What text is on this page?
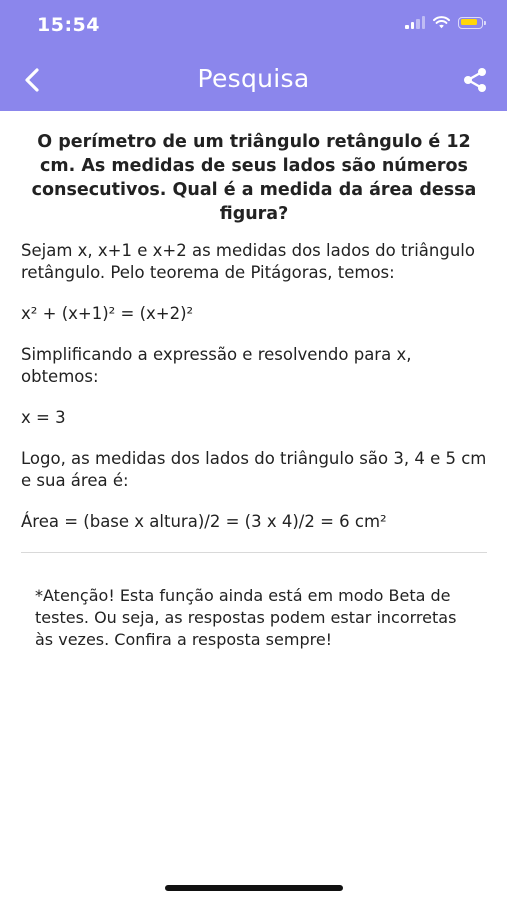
15:54
Pesquisa
O perímetro de um triângulo retângulo é 12 cm. As medidas de seus lados são números consecutivos. Qual é a medida da área dessa figura?

Sejam x, x+1 e x+2 as medidas dos lados do triângulo retângulo. Pelo teorema de Pitágoras, temos:

x² + (x+1)² = (x+2)²

Simplificando a expressão e resolvendo para x, obtemos:

x = 3

Logo, as medidas dos lados do triângulo são 3, 4 e 5 cm e sua área é:

Área = (base x altura)/2 = (3 x 4)/2 = 6 cm²

*Atenção! Esta função ainda está em modo Beta de testes. Ou seja, as respostas podem estar incorretas às vezes. Confira a resposta sempre!
